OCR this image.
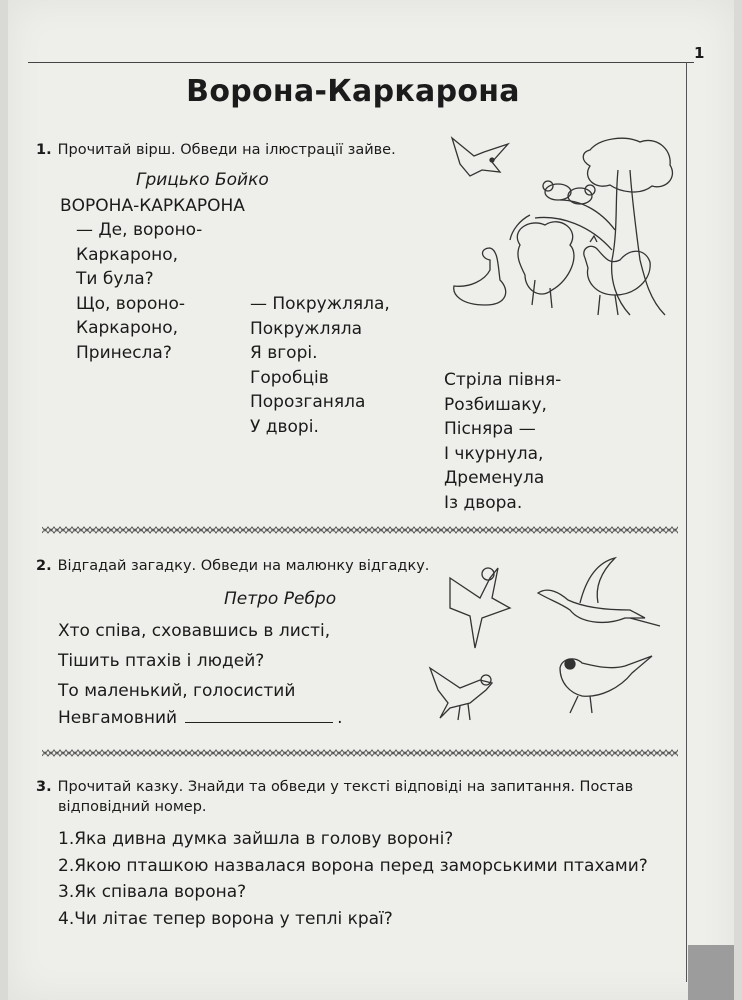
1
Ворона-Каркарона
1. Прочитай вірш. Обведи на ілюстрації зайве.
Грицько Бойко
ВОРОНА-КАРКАРОНА
— Де, вороно-
Каркароно,
Ти була?
Що, вороно-
Каркароно,
Принесла?
— Покружляла,
Покружляла
Я вгорі.
Горобців
Порозганяла
У дворі.
Стріла півня-
Розбишаку,
Пісняра —
І чкурнула,
Дременула
Із двора.
2. Відгадай загадку. Обведи на малюнку відгадку.
Петро Ребро
Хто співа, сховавшись в листі,
Тішить птахів і людей?
То маленький, голосистий
Невгамовний	.
3. Прочитай казку. Знайди та обведи у тексті відповіді на запитання. Постав
відповідний номер.
1.Яка дивна думка зайшла в голову вороні?
2.Якою пташкою назвалася ворона перед заморськими птахами?
3.Як співала ворона?
4.Чи літає тепер ворона у теплі краї?
